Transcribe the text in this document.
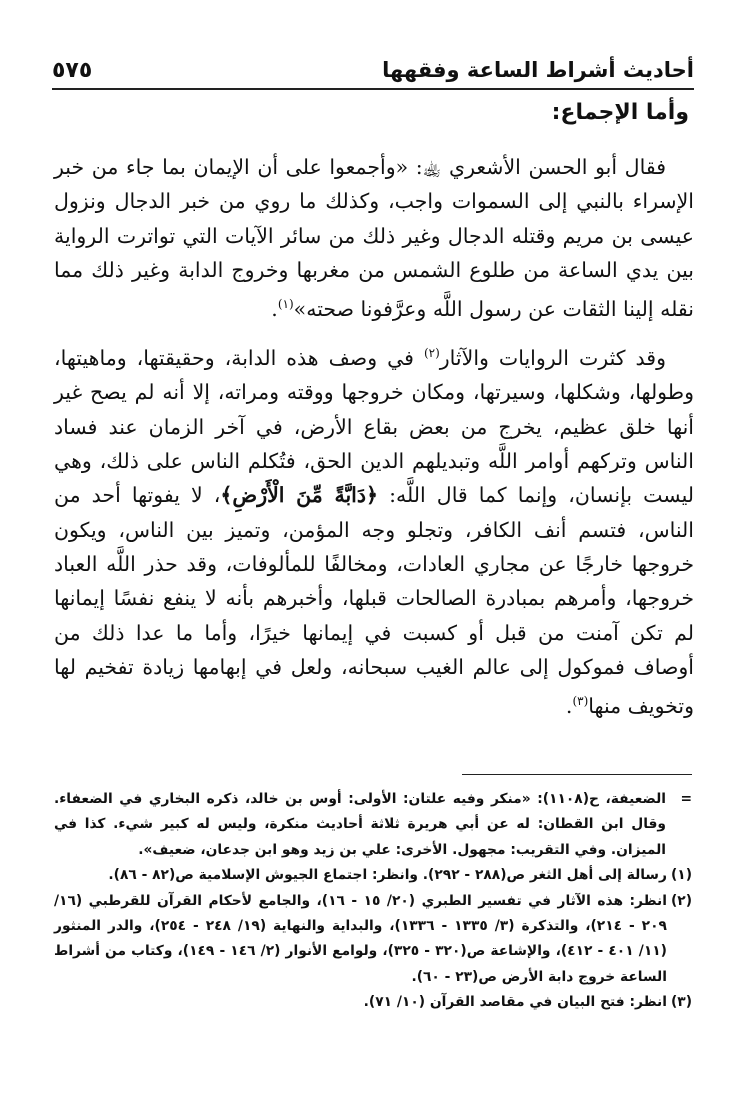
أحاديث أشراط الساعة وفقهها
٥٧٥
وأما الإجماع:

فقال أبو الحسن الأشعري ﵀: «وأجمعوا على أن الإيمان بما جاء من خبر الإسراء بالنبي إلى السموات واجب، وكذلك ما روي من خبر الدجال ونزول عيسى بن مريم وقتله الدجال وغير ذلك من سائر الآيات التي تواترت الرواية بين يدي الساعة من طلوع الشمس من مغربها وخروج الدابة وغير ذلك مما نقله إلينا الثقات عن رسول اللَّه وعرَّفونا صحته»$^{(١)}$.

وقد كثرت الروايات والآثار$^{(٢)}$ في وصف هذه الدابة، وحقيقتها، وماهيتها، وطولها، وشكلها، وسيرتها، ومكان خروجها ووقته ومراته، إلا أنه لم يصح غير أنها خلق عظيم، يخرج من بعض بقاع الأرض، في آخر الزمان عند فساد الناس وتركهم أوامر اللَّه وتبديلهم الدين الحق، فتُكلم الناس على ذلك، وهي ليست بإنسان، وإنما كما قال اللَّه: ﴿دَابَّةً مِّنَ الْأَرْضِ﴾، لا يفوتها أحد من الناس، فتسم أنف الكافر، وتجلو وجه المؤمن، وتميز بين الناس، ويكون خروجها خارجًا عن مجاري العادات، ومخالفًا للمألوفات، وقد حذر اللَّه العباد خروجها، وأمرهم بمبادرة الصالحات قبلها، وأخبرهم بأنه لا ينفع نفسًا إيمانها لم تكن آمنت من قبل أو كسبت في إيمانها خيرًا، وأما ما عدا ذلك من أوصاف فموكول إلى عالم الغيب سبحانه، ولعل في إبهامها زيادة تفخيم لها وتخويف منها$^{(٣)}$.

=
الضعيفة، ح(١١٠٨): «منكر وفيه علتان: الأولى: أوس بن خالد، ذكره البخاري في الضعفاء. وقال ابن القطان: له عن أبي هريرة ثلاثة أحاديث منكرة، وليس له كبير شيء. كذا في الميزان. وفي التقريب: مجهول. الأخرى: علي بن زيد وهو ابن جدعان، ضعيف».

(١)
رسالة إلى أهل الثغر ص(٢٨٨ - ٢٩٢). وانظر: اجتماع الجيوش الإسلامية ص(٨٢ - ٨٦).

(٢)
انظر: هذه الآثار في تفسير الطبري (٢٠/ ١٥ - ١٦)، والجامع لأحكام القرآن للقرطبي (١٦/ ٢٠٩ - ٢١٤)، والتذكرة (٣/ ١٣٣٥ - ١٣٣٦)، والبداية والنهاية (١٩/ ٢٤٨ - ٢٥٤)، والدر المنثور (١١/ ٤٠١ - ٤١٢)، والإشاعة ص(٣٢٠ - ٣٢٥)، ولوامع الأنوار (٢/ ١٤٦ - ١٤٩)، وكتاب من أشراط الساعة خروج دابة الأرض ص(٢٣ - ٦٠).

(٣)
انظر: فتح البيان في مقاصد القرآن (١٠/ ٧١).
